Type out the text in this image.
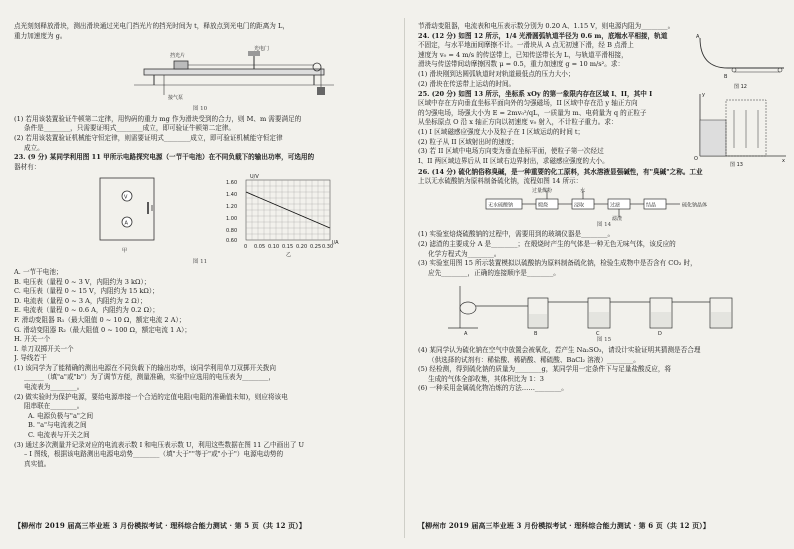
点光刻刻释放滑块，测出滑块通过光电门挡光片的挡光时间为 t，释放点到光电门的距离为 L，
重力加速度为 g。
光电门
挡光片
接气泵
图 10
(1) 若用该装置验证牛顿第二定律，用钩码的重力 mg 作为滑块受到的合力，则 M、m 需要满足的
条件是________，只需要证明式________成立，即可验证牛顿第二定律。
(2) 若用该装置验证机械能守恒定律，则需要证明式________成立，即可验证机械能守恒定律
成立。
23. (9 分) 某同学利用图 11 甲所示电路探究电源（一节干电池）在不同负载下的输出功率，可选用的
器材有：
V
A
甲
U/V
I/A
1.60
1.40
1.20
1.00
0.80
0.60
0 0.05 0.10 0.15 0.20 0.25 0.30
乙
图 11
A. 一节干电池；
B. 电压表（量程 0 ~ 3 V，内阻约为 3 kΩ）；
C. 电压表（量程 0 ~ 15 V，内阻约为 15 kΩ）；
D. 电流表（量程 0 ~ 3 A，内阻约为 2 Ω）；
E. 电流表（量程 0 ~ 0.6 A，内阻约为 0.2 Ω）；
F. 滑动变阻器 R₁（最大阻值 0 ~ 10 Ω，额定电流 2 A）；
G. 滑动变阻器 R₂（最大阻值 0 ~ 100 Ω，额定电流 1 A）；
H. 开关一个
I. 单刀双掷开关一个
J. 导线若干
(1) 该同学为了能精确的测出电源在不同负载下的输出功率，该同学利用单刀双掷开关拨向
______（填"a"或"b"）为了调节方便，测量准确，实验中应选用的电压表为________，
电流表为________。
(2) 做实验时为保护电源，要给电源串接一个合适的定值电阻(电阻的准确值未知)，则应将该电
阻串联在________。
A. 电源负极与"a"之间
B. "a"与电流表之间
C. 电流表与开关之间
(3) 通过多次测量并记录对应的电流表示数 I 和电压表示数 U，利用这些数据在图 11 乙中画出了 U
– I 图线，根据该电路测出电源电动势________（填"大于""等于"或"小于"）电源电动势的
真实值。
节滑动变阻器，电流表和电压表示数分别为 0.20 A、1.15 V，则电源内阻为________。
24. (12 分) 如图 12 所示，1/4 光滑圆弧轨道半径为 0.6 m，底端水平相接，轨道
不固定，与水平地面间摩擦不计。一滑块从 A 点无初速下滑，经 B 点滑上
速度为 v₀ = 4 m/s 的传送带上，已知传送带长为 L，与轨道平滑相接，
滑块与传送带间动摩擦因数 μ = 0.5，重力加速度 g = 10 m/s²。求：
(1) 滑块刚到达圆弧轨道时对轨道最低点的压力大小；
(2) 滑块在传送带上运动的时间。
A
B
图 12
25. (20 分) 如图 13 所示，坐标系 xOy 的第一象限内存在区域 I、II，其中 I
区域中存在方向垂直坐标平面向外的匀强磁场，II 区域中存在沿 y 轴正方向
的匀强电场，场强大小为 E = 2mv₀²/qL，一质量为 m、电荷量为 q 的正粒子
从坐标原点 O 沿 x 轴正方向以初速度 v₀ 射入，不计粒子重力。求：
(1) I 区域磁感应强度大小及粒子在 I 区域运动的时间 t；
(2) 粒子从 II 区域射出时的速度；
(3) 若 II 区域中电场方向变为垂直坐标平面，使粒子第一次经过
I、II 两区域边界后从 II 区域右边界射出，求磁感应强度的大小。	O	x
y
图 13
26. (14 分) 硫化钠俗称臭碱，是一种重要的化工原料，其水溶液显强碱性，有"臭碱"之称。工业
上以无水硫酸钠为原料制备硫化钠，流程如图 14 所示：
无水硫酸钠	煅烧	浸取	过滤	结晶	硫化钠晶体
过量煤粉	水
滤渣
图 14
(1) 实验室焙烧硫酸钠的过程中，需要用到的玻璃仪器是________。
(2) 滤渣的主要成分 A 是________；在煅烧时产生的气体是一种无色无味气体，该反应的
化学方程式为________。
(3) 实验室用图 15 所示装置模拟以硫酸钠为原料制备硫化钠，检验生成物中是否含有 CO₂ 时，
应先________，正确的连接顺序是________。
A	B	C	D
图 15
(4) 某同学认为硫化钠在空气中放置会被氧化，若产生 Na₂SO₃，请设计实验证明其猜测是否合理
（供选择的试剂有：稀盐酸、稀硝酸、稀硫酸、BaCl₂ 溶液）________。
(5) 经检测，得到硫化钠的质量为________g，某同学用一定条件下与足量盐酸反应，将
生成的气体全部收集，其体积比为 1：3
(6) 一种采用金属硫化物冶炼的方法……________。
【柳州市 2019 届高三毕业班 3 月份模拟考试 · 理科综合能力测试 · 第 5 页（共 12 页）】	【柳州市 2019 届高三毕业班 3 月份模拟考试 · 理科综合能力测试 · 第 6 页（共 12 页）】
